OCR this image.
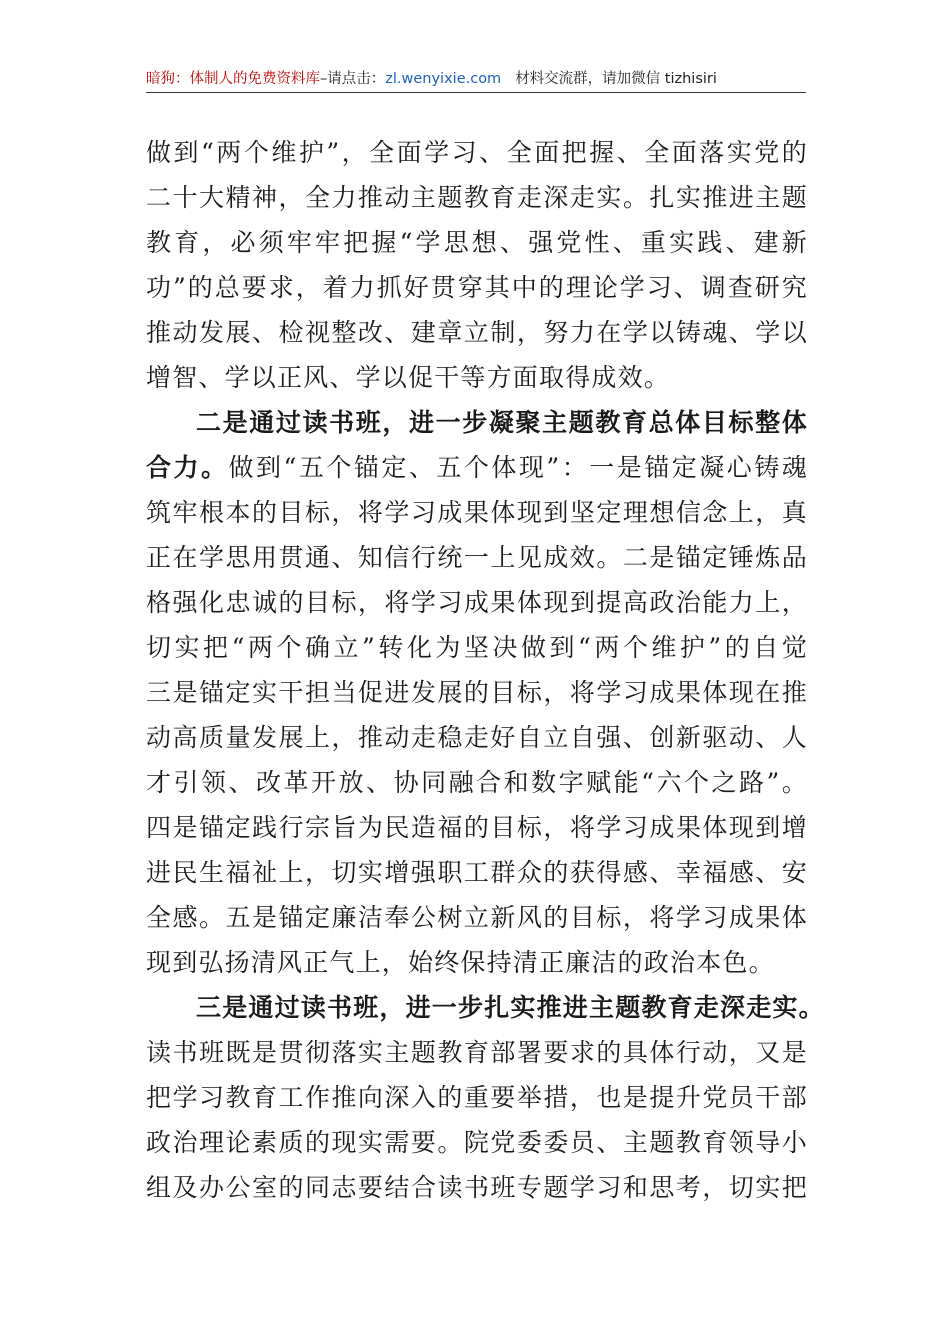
暗狗：体制人的免费资料库–请点击：zl.wenyixie.com 材料交流群，请加微信 tizhisiri
做到“两个维护”，全面学习、全面把握、全面落实党的
二十大精神，全力推动主题教育走深走实。扎实推进主题
教育，必须牢牢把握“学思想、强党性、重实践、建新
功”的总要求，着力抓好贯穿其中的理论学习、调查研究
推动发展、检视整改、建章立制，努力在学以铸魂、学以
增智、学以正风、学以促干等方面取得成效。
二是通过读书班，进一步凝聚主题教育总体目标整体
合力。做到“五个锚定、五个体现”：一是锚定凝心铸魂
筑牢根本的目标，将学习成果体现到坚定理想信念上，真
正在学思用贯通、知信行统一上见成效。二是锚定锤炼品
格强化忠诚的目标，将学习成果体现到提高政治能力上，
切实把“两个确立”转化为坚决做到“两个维护”的自觉
三是锚定实干担当促进发展的目标，将学习成果体现在推
动高质量发展上，推动走稳走好自立自强、创新驱动、人
才引领、改革开放、协同融合和数字赋能“六个之路”。
四是锚定践行宗旨为民造福的目标，将学习成果体现到增
进民生福祉上，切实增强职工群众的获得感、幸福感、安
全感。五是锚定廉洁奉公树立新风的目标，将学习成果体
现到弘扬清风正气上，始终保持清正廉洁的政治本色。
三是通过读书班，进一步扎实推进主题教育走深走实。
读书班既是贯彻落实主题教育部署要求的具体行动，又是
把学习教育工作推向深入的重要举措，也是提升党员干部
政治理论素质的现实需要。院党委委员、主题教育领导小
组及办公室的同志要结合读书班专题学习和思考，切实把
